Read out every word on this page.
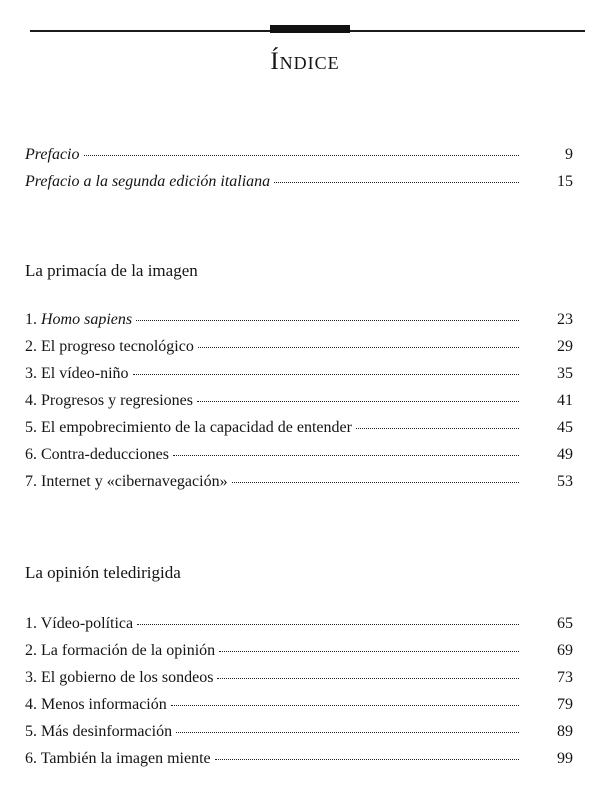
Índice
Prefacio	9
Prefacio a la segunda edición italiana	15
La primacía de la imagen
1. Homo sapiens	23
2. El progreso tecnológico	29
3. El vídeo-niño	35
4. Progresos y regresiones	41
5. El empobrecimiento de la capacidad de entender	45
6. Contra-deducciones	49
7. Internet y «cibernavegación»	53
La opinión teledirigida
1. Vídeo-política	65
2. La formación de la opinión	69
3. El gobierno de los sondeos	73
4. Menos información	79
5. Más desinformación	89
6. También la imagen miente	99
